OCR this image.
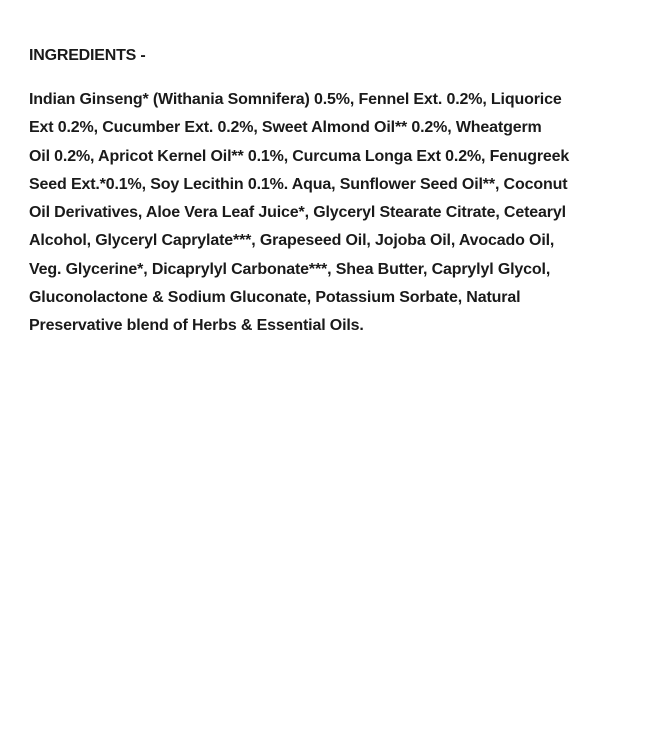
INGREDIENTS -
Indian Ginseng* (Withania Somnifera) 0.5%, Fennel Ext. 0.2%, Liquorice
Ext 0.2%, Cucumber Ext. 0.2%, Sweet Almond Oil** 0.2%, Wheatgerm
Oil 0.2%, Apricot Kernel Oil** 0.1%, Curcuma Longa Ext 0.2%, Fenugreek
Seed Ext.*0.1%, Soy Lecithin 0.1%. Aqua, Sunflower Seed Oil**, Coconut
Oil Derivatives, Aloe Vera Leaf Juice*, Glyceryl Stearate Citrate, Cetearyl
Alcohol, Glyceryl Caprylate***, Grapeseed Oil, Jojoba Oil, Avocado Oil,
Veg. Glycerine*, Dicaprylyl Carbonate***, Shea Butter, Caprylyl Glycol,
Gluconolactone & Sodium Gluconate, Potassium Sorbate, Natural
Preservative blend of Herbs & Essential Oils.
